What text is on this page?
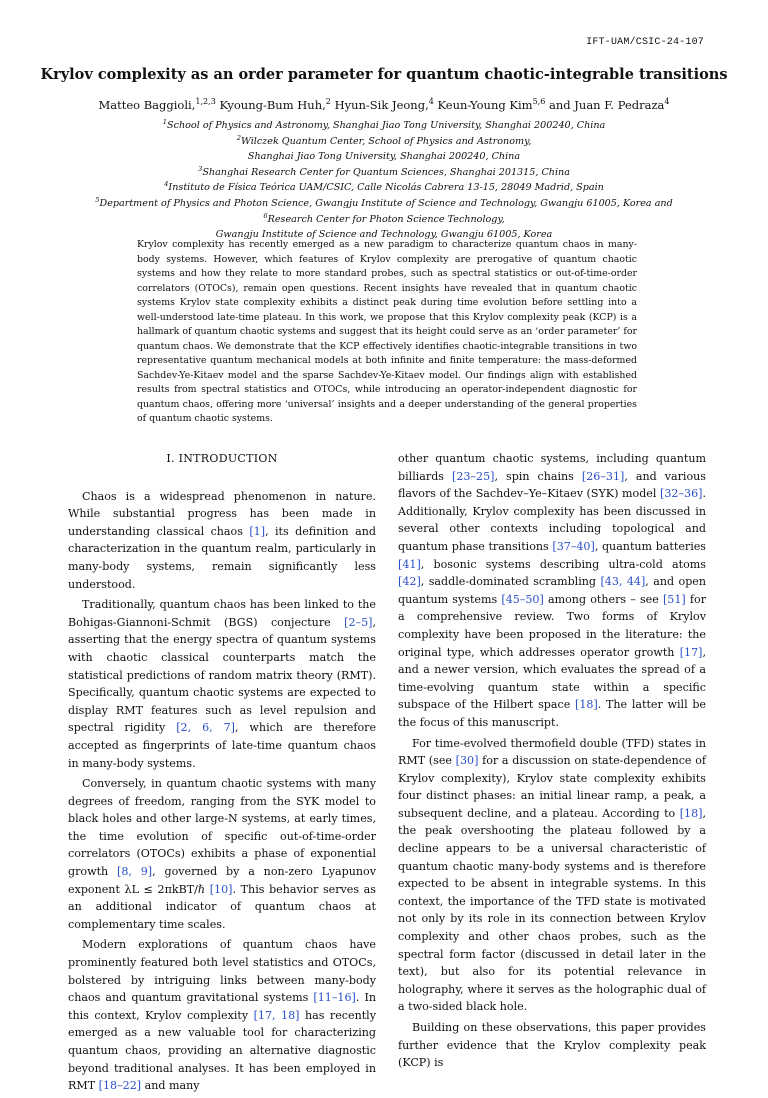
IFT-UAM/CSIC-24-107
Krylov complexity as an order parameter for quantum chaotic-integrable transitions
Matteo Baggioli,$^{1,2,3}$ Kyoung-Bum Huh,$^2$ Hyun-Sik Jeong,$^4$ Keun-Young Kim$^{5,6}$ and Juan F. Pedraza$^4$
$^1$School of Physics and Astronomy, Shanghai Jiao Tong University, Shanghai 200240, China
$^2$Wilczek Quantum Center, School of Physics and Astronomy,
Shanghai Jiao Tong University, Shanghai 200240, China
$^3$Shanghai Research Center for Quantum Sciences, Shanghai 201315, China
$^4$Instituto de Física Teórica UAM/CSIC, Calle Nicolás Cabrera 13-15, 28049 Madrid, Spain
$^5$Department of Physics and Photon Science, Gwangju Institute of Science and Technology, Gwangju 61005, Korea and
$^6$Research Center for Photon Science Technology,
Gwangju Institute of Science and Technology, Gwangju 61005, Korea
Krylov complexity has recently emerged as a new paradigm to characterize quantum chaos in many-body systems. However, which features of Krylov complexity are prerogative of quantum chaotic systems and how they relate to more standard probes, such as spectral statistics or out-of-time-order correlators (OTOCs), remain open questions. Recent insights have revealed that in quantum chaotic systems Krylov state complexity exhibits a distinct peak during time evolution before settling into a well-understood late-time plateau. In this work, we propose that this Krylov complexity peak (KCP) is a hallmark of quantum chaotic systems and suggest that its height could serve as an ‘order parameter’ for quantum chaos. We demonstrate that the KCP effectively identifies chaotic-integrable transitions in two representative quantum mechanical models at both infinite and finite temperature: the mass-deformed Sachdev-Ye-Kitaev model and the sparse Sachdev-Ye-Kitaev model. Our findings align with established results from spectral statistics and OTOCs, while introducing an operator-independent diagnostic for quantum chaos, offering more ‘universal’ insights and a deeper understanding of the general properties of quantum chaotic systems.
I. INTRODUCTION

Chaos is a widespread phenomenon in nature. While substantial progress has been made in understanding classical chaos [1], its definition and characterization in the quantum realm, particularly in many-body systems, remain significantly less understood.

Traditionally, quantum chaos has been linked to the Bohigas-Giannoni-Schmit (BGS) conjecture [2–5], asserting that the energy spectra of quantum systems with chaotic classical counterparts match the statistical predictions of random matrix theory (RMT). Specifically, quantum chaotic systems are expected to display RMT features such as level repulsion and spectral rigidity [2, 6, 7], which are therefore accepted as fingerprints of late-time quantum chaos in many-body systems.

Conversely, in quantum chaotic systems with many degrees of freedom, ranging from the SYK model to black holes and other large-N systems, at early times, the time evolution of specific out-of-time-order correlators (OTOCs) exhibits a phase of exponential growth [8, 9], governed by a non-zero Lyapunov exponent λL ≤ 2πkBT/ℏ [10]. This behavior serves as an additional indicator of quantum chaos at complementary time scales.

Modern explorations of quantum chaos have prominently featured both level statistics and OTOCs, bolstered by intriguing links between many-body chaos and quantum gravitational systems [11–16]. In this context, Krylov complexity [17, 18] has recently emerged as a new valuable tool for characterizing quantum chaos, providing an alternative diagnostic beyond traditional analyses. It has been employed in RMT [18–22] and many

other quantum chaotic systems, including quantum billiards [23–25], spin chains [26–31], and various flavors of the Sachdev–Ye–Kitaev (SYK) model [32–36]. Additionally, Krylov complexity has been discussed in several other contexts including topological and quantum phase transitions [37–40], quantum batteries [41], bosonic systems describing ultra-cold atoms [42], saddle-dominated scrambling [43, 44], and open quantum systems [45–50] among others – see [51] for a comprehensive review. Two forms of Krylov complexity have been proposed in the literature: the original type, which addresses operator growth [17], and a newer version, which evaluates the spread of a time-evolving quantum state within a specific subspace of the Hilbert space [18]. The latter will be the focus of this manuscript.

For time-evolved thermofield double (TFD) states in RMT (see [30] for a discussion on state-dependence of Krylov complexity), Krylov state complexity exhibits four distinct phases: an initial linear ramp, a peak, a subsequent decline, and a plateau. According to [18], the peak overshooting the plateau followed by a decline appears to be a universal characteristic of quantum chaotic many-body systems and is therefore expected to be absent in integrable systems. In this context, the importance of the TFD state is motivated not only by its role in its connection between Krylov complexity and other chaos probes, such as the spectral form factor (discussed in detail later in the text), but also for its potential relevance in holography, where it serves as the holographic dual of a two-sided black hole.

Building on these observations, this paper provides further evidence that the Krylov complexity peak (KCP) is
